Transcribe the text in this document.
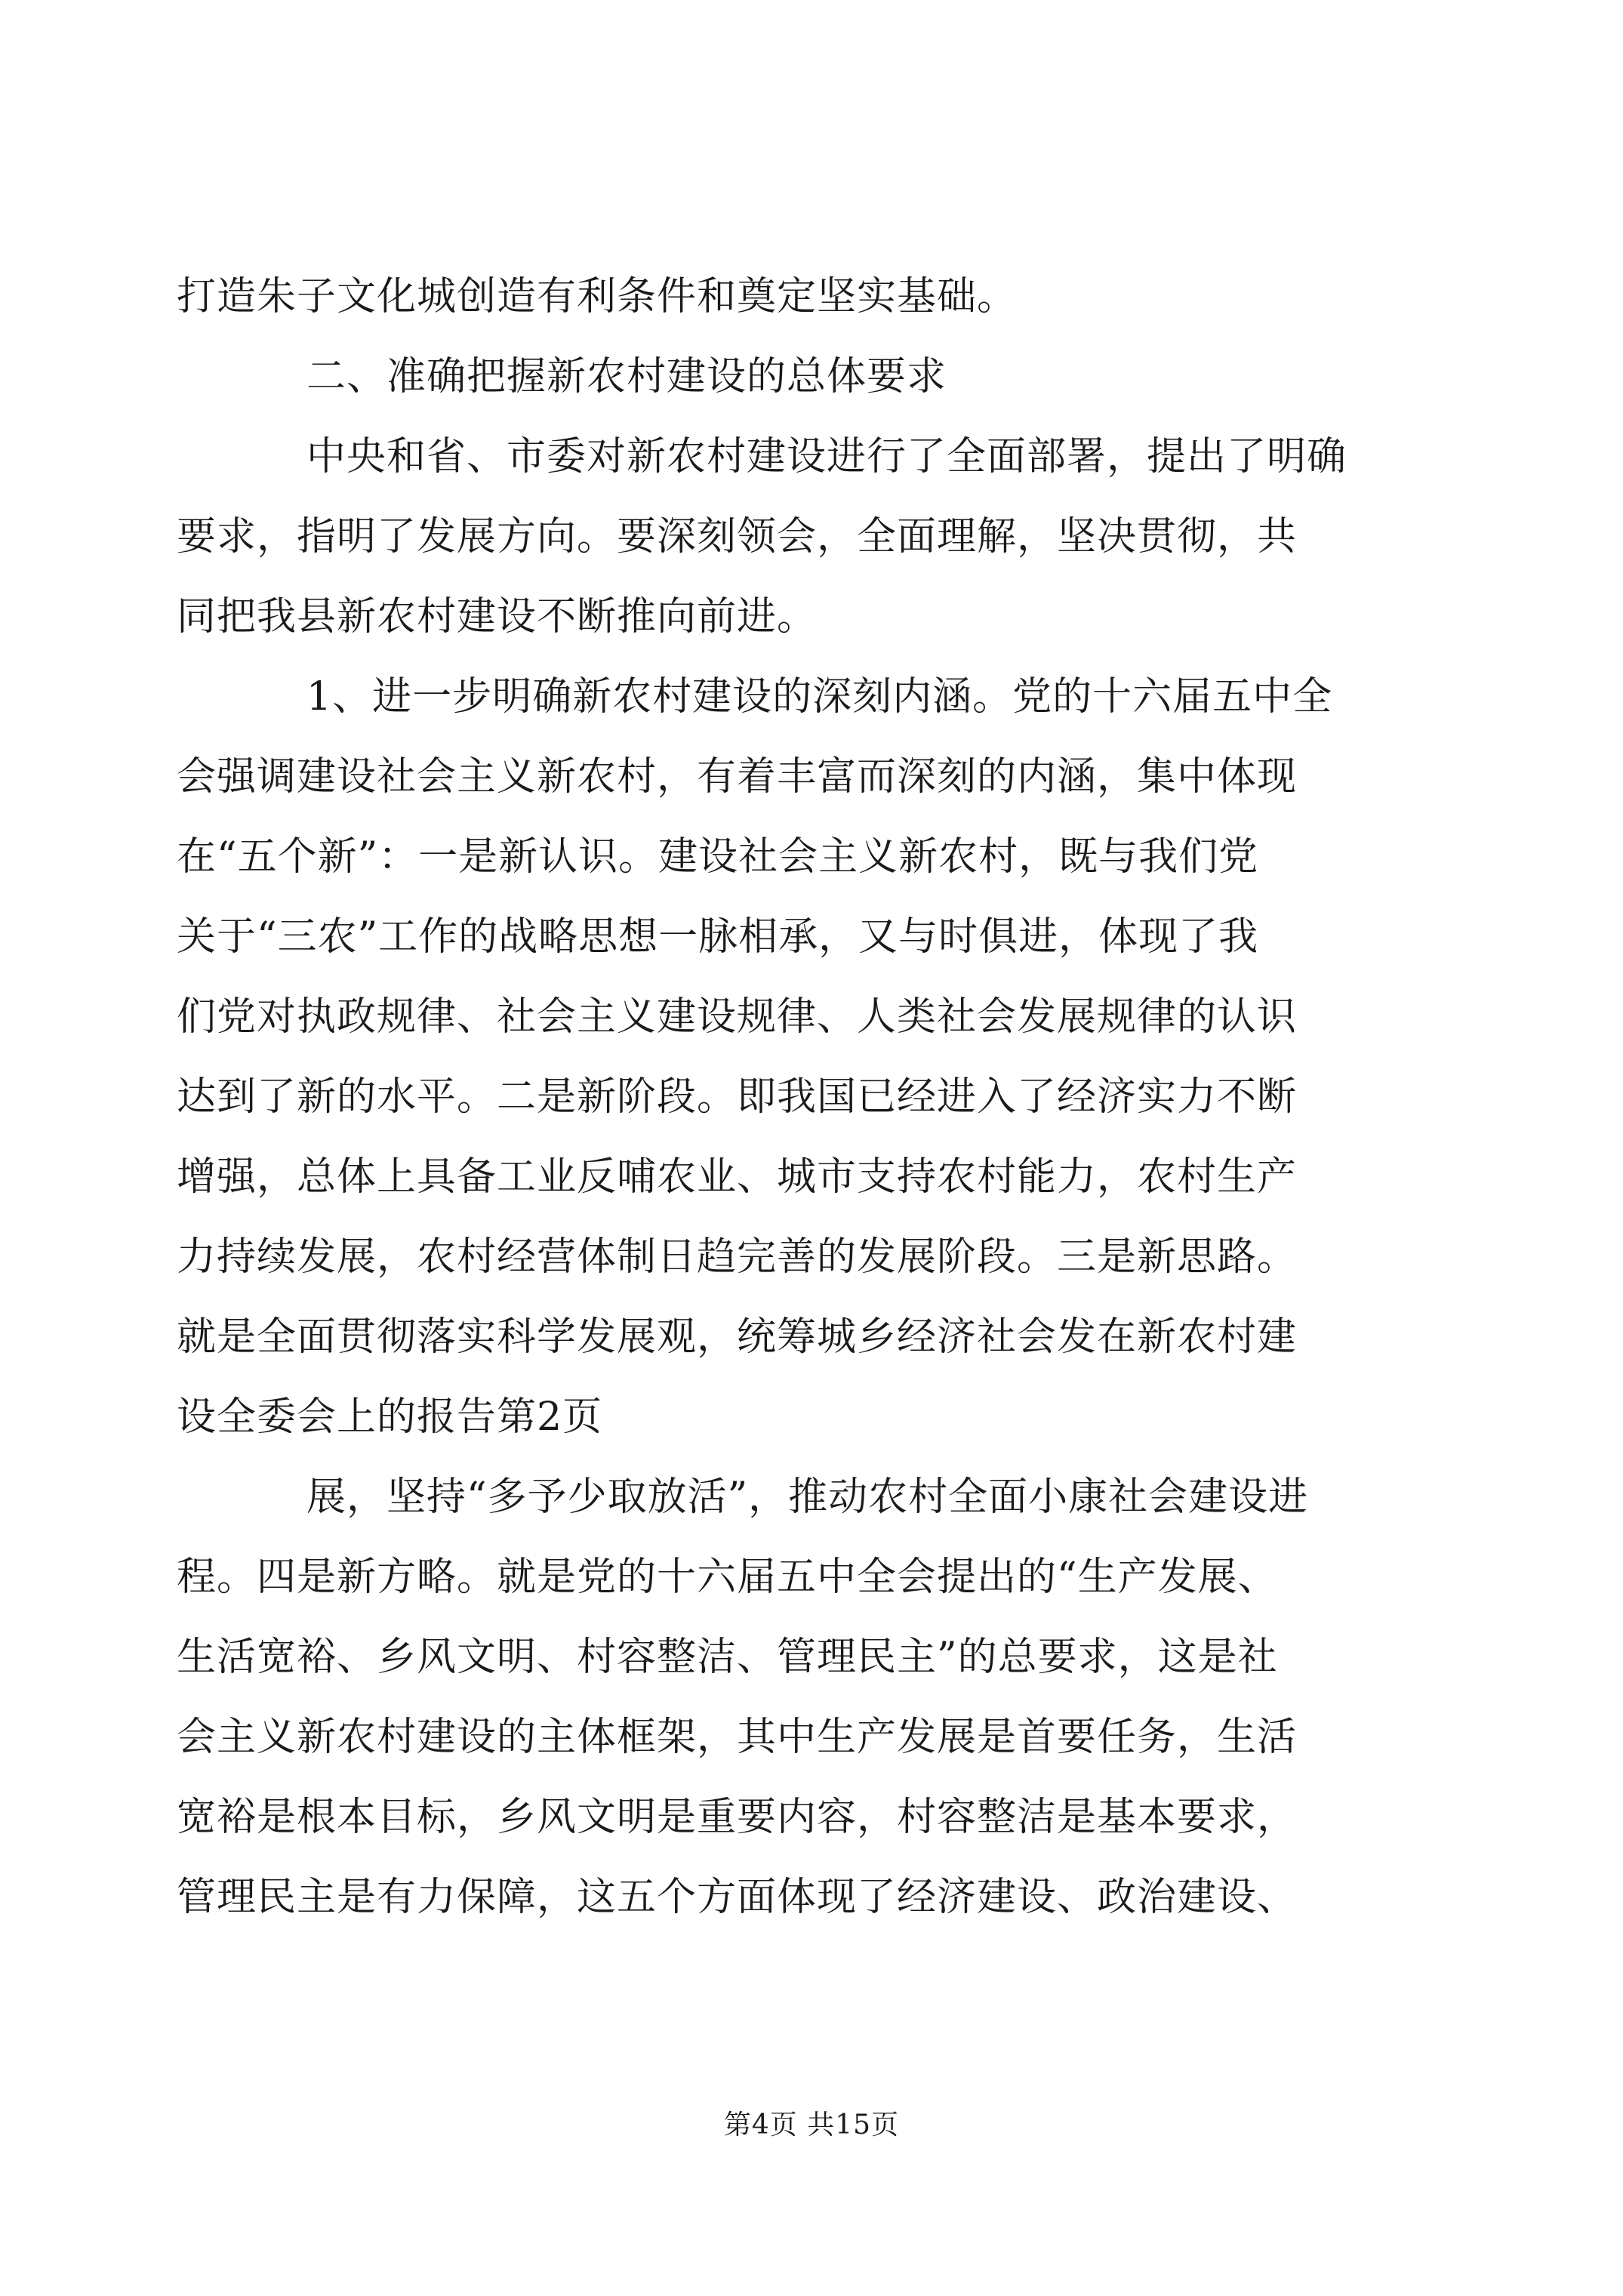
打造朱子文化城创造有利条件和奠定坚实基础。
二、准确把握新农村建设的总体要求
中央和省、市委对新农村建设进行了全面部署，提出了明确
要求，指明了发展方向。要深刻领会，全面理解，坚决贯彻，共
同把我县新农村建设不断推向前进。
1、进一步明确新农村建设的深刻内涵。党的十六届五中全
会强调建设社会主义新农村，有着丰富而深刻的内涵，集中体现
在“五个新”：一是新认识。建设社会主义新农村，既与我们党
关于“三农”工作的战略思想一脉相承，又与时俱进，体现了我
们党对执政规律、社会主义建设规律、人类社会发展规律的认识
达到了新的水平。二是新阶段。即我国已经进入了经济实力不断
增强，总体上具备工业反哺农业、城市支持农村能力，农村生产
力持续发展，农村经营体制日趋完善的发展阶段。三是新思路。
就是全面贯彻落实科学发展观，统筹城乡经济社会发在新农村建
设全委会上的报告第2页
展，坚持“多予少取放活”，推动农村全面小康社会建设进
程。四是新方略。就是党的十六届五中全会提出的“生产发展、
生活宽裕、乡风文明、村容整洁、管理民主”的总要求，这是社
会主义新农村建设的主体框架，其中生产发展是首要任务，生活
宽裕是根本目标，乡风文明是重要内容，村容整洁是基本要求，
管理民主是有力保障，这五个方面体现了经济建设、政治建设、
第4页 共15页
